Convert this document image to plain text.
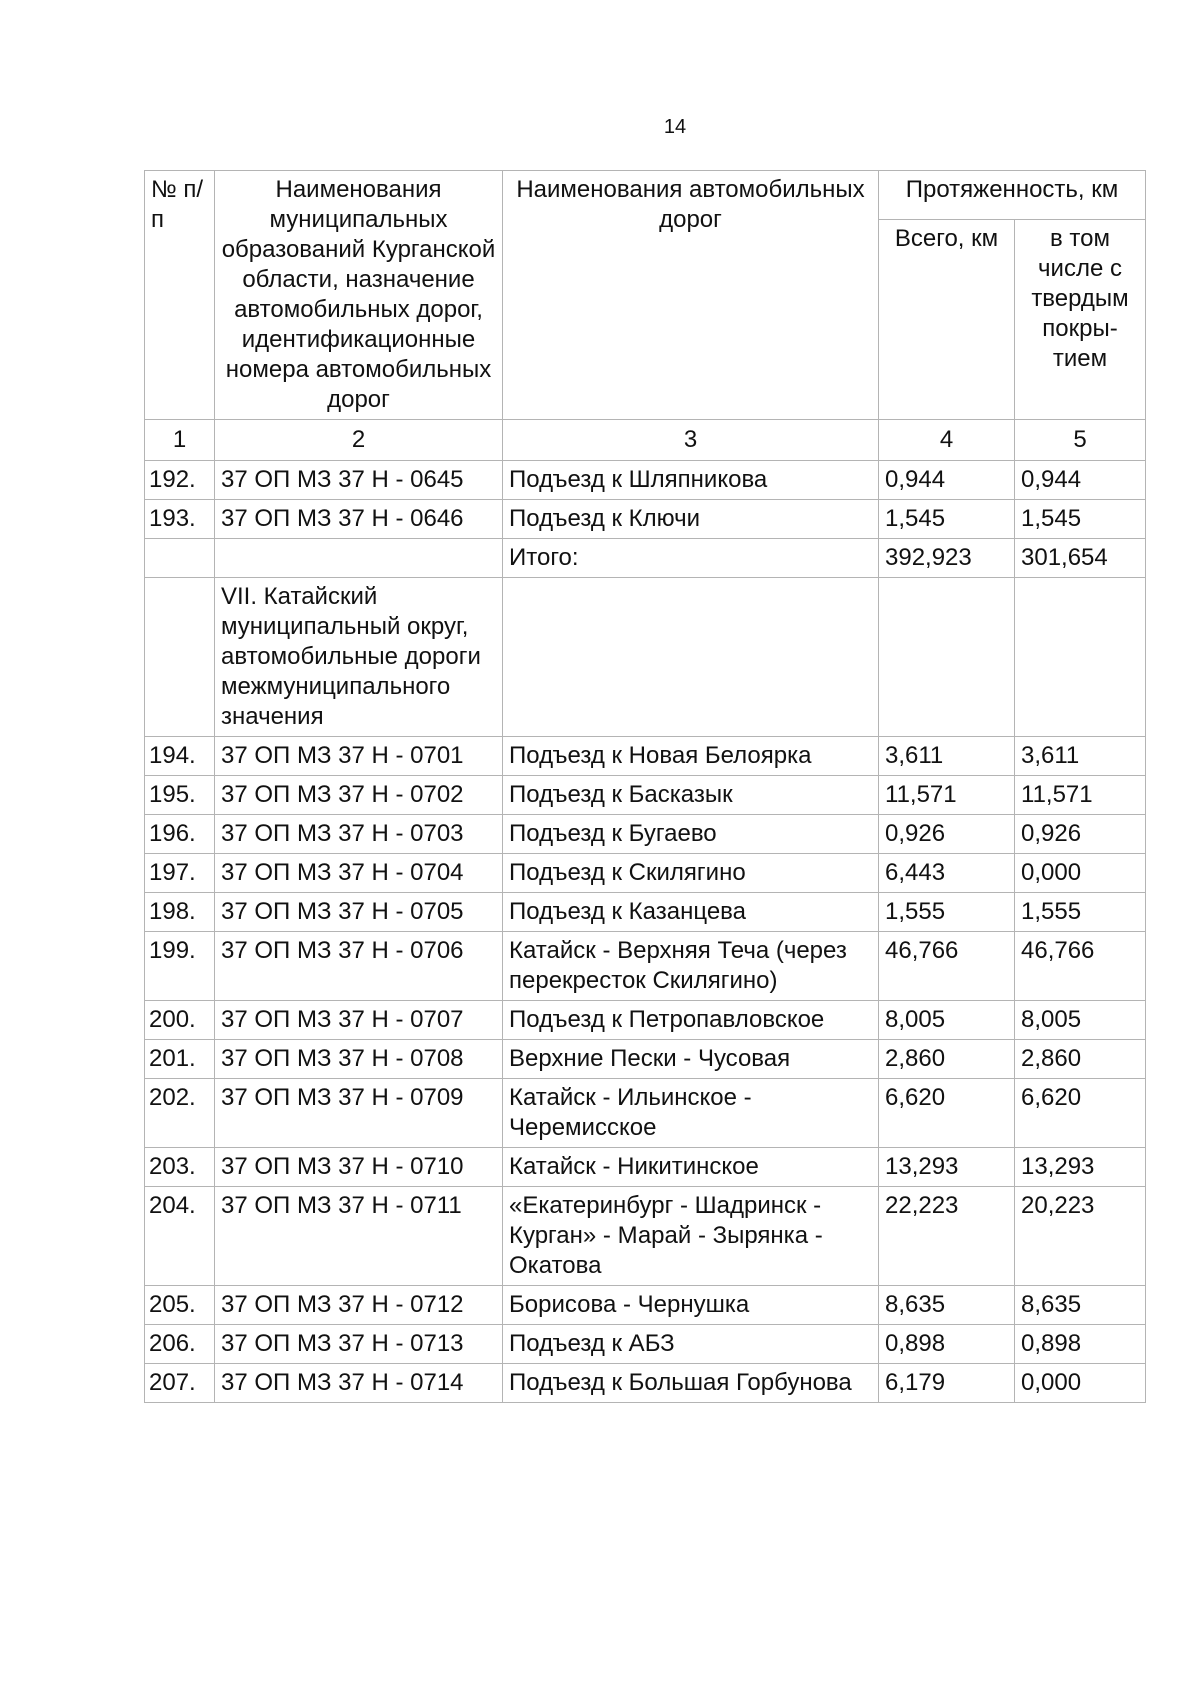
14
№ п/п	Наименования муниципальных образований Курганской области, назначение автомобильных дорог, идентификационные номера автомобильных дорог	Наименования автомобильных дорог	Протяженность, км	
			Всего, км	в том числе с твердым покры-тием
1	2	3	4	5
192.	37 ОП МЗ 37 Н - 0645	Подъезд к Шляпникова	0,944	0,944
193.	37 ОП МЗ 37 Н - 0646	Подъезд к Ключи	1,545	1,545
		Итого:	392,923	301,654
	VII. Катайский муниципальный округ, автомобильные дороги межмуниципального значения			
194.	37 ОП МЗ 37 Н - 0701	Подъезд к Новая Белоярка	3,611	3,611
195.	37 ОП МЗ 37 Н - 0702	Подъезд к Басказык	11,571	11,571
196.	37 ОП МЗ 37 Н - 0703	Подъезд к Бугаево	0,926	0,926
197.	37 ОП МЗ 37 Н - 0704	Подъезд к Скилягино	6,443	0,000
198.	37 ОП МЗ 37 Н - 0705	Подъезд к Казанцева	1,555	1,555
199.	37 ОП МЗ 37 Н - 0706	Катайск - Верхняя Теча (через перекресток Скилягино)	46,766	46,766
200.	37 ОП МЗ 37 Н - 0707	Подъезд к Петропавловское	8,005	8,005
201.	37 ОП МЗ 37 Н - 0708	Верхние Пески - Чусовая	2,860	2,860
202.	37 ОП МЗ 37 Н - 0709	Катайск - Ильинское - Черемисское	6,620	6,620
203.	37 ОП МЗ 37 Н - 0710	Катайск - Никитинское	13,293	13,293
204.	37 ОП МЗ 37 Н - 0711	«Екатеринбург - Шадринск - Курган» - Марай - Зырянка - Окатова	22,223	20,223
205.	37 ОП МЗ 37 Н - 0712	Борисова - Чернушка	8,635	8,635
206.	37 ОП МЗ 37 Н - 0713	Подъезд к АБЗ	0,898	0,898
207.	37 ОП МЗ 37 Н - 0714	Подъезд к Большая Горбунова	6,179	0,000
